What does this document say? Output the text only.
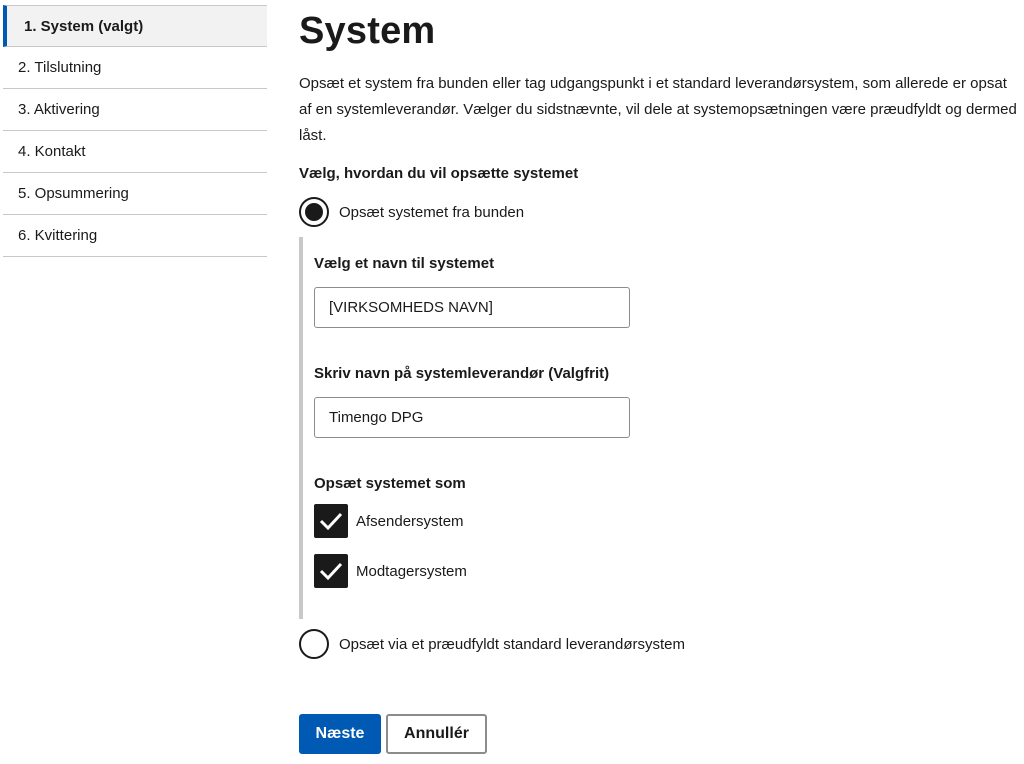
1. System (valgt)
2. Tilslutning
3. Aktivering
4. Kontakt
5. Opsummering
6. Kvittering
System

Opsæt et system fra bunden eller tag udgangspunkt i et standard leverandørsystem, som allerede er opsat af en systemleverandør. Vælger du sidstnævnte, vil dele at systemopsætningen være præudfyldt og dermed låst.

Vælg, hvordan du vil opsætte systemet
Opsæt systemet fra bunden
Vælg et navn til systemet
[VIRKSOMHEDS NAVN]
Skriv navn på systemleverandør (Valgfrit)
Timengo DPG
Opsæt systemet som
Afsendersystem
Modtagersystem
Opsæt via et præudfyldt standard leverandørsystem
Næste	Annullér
